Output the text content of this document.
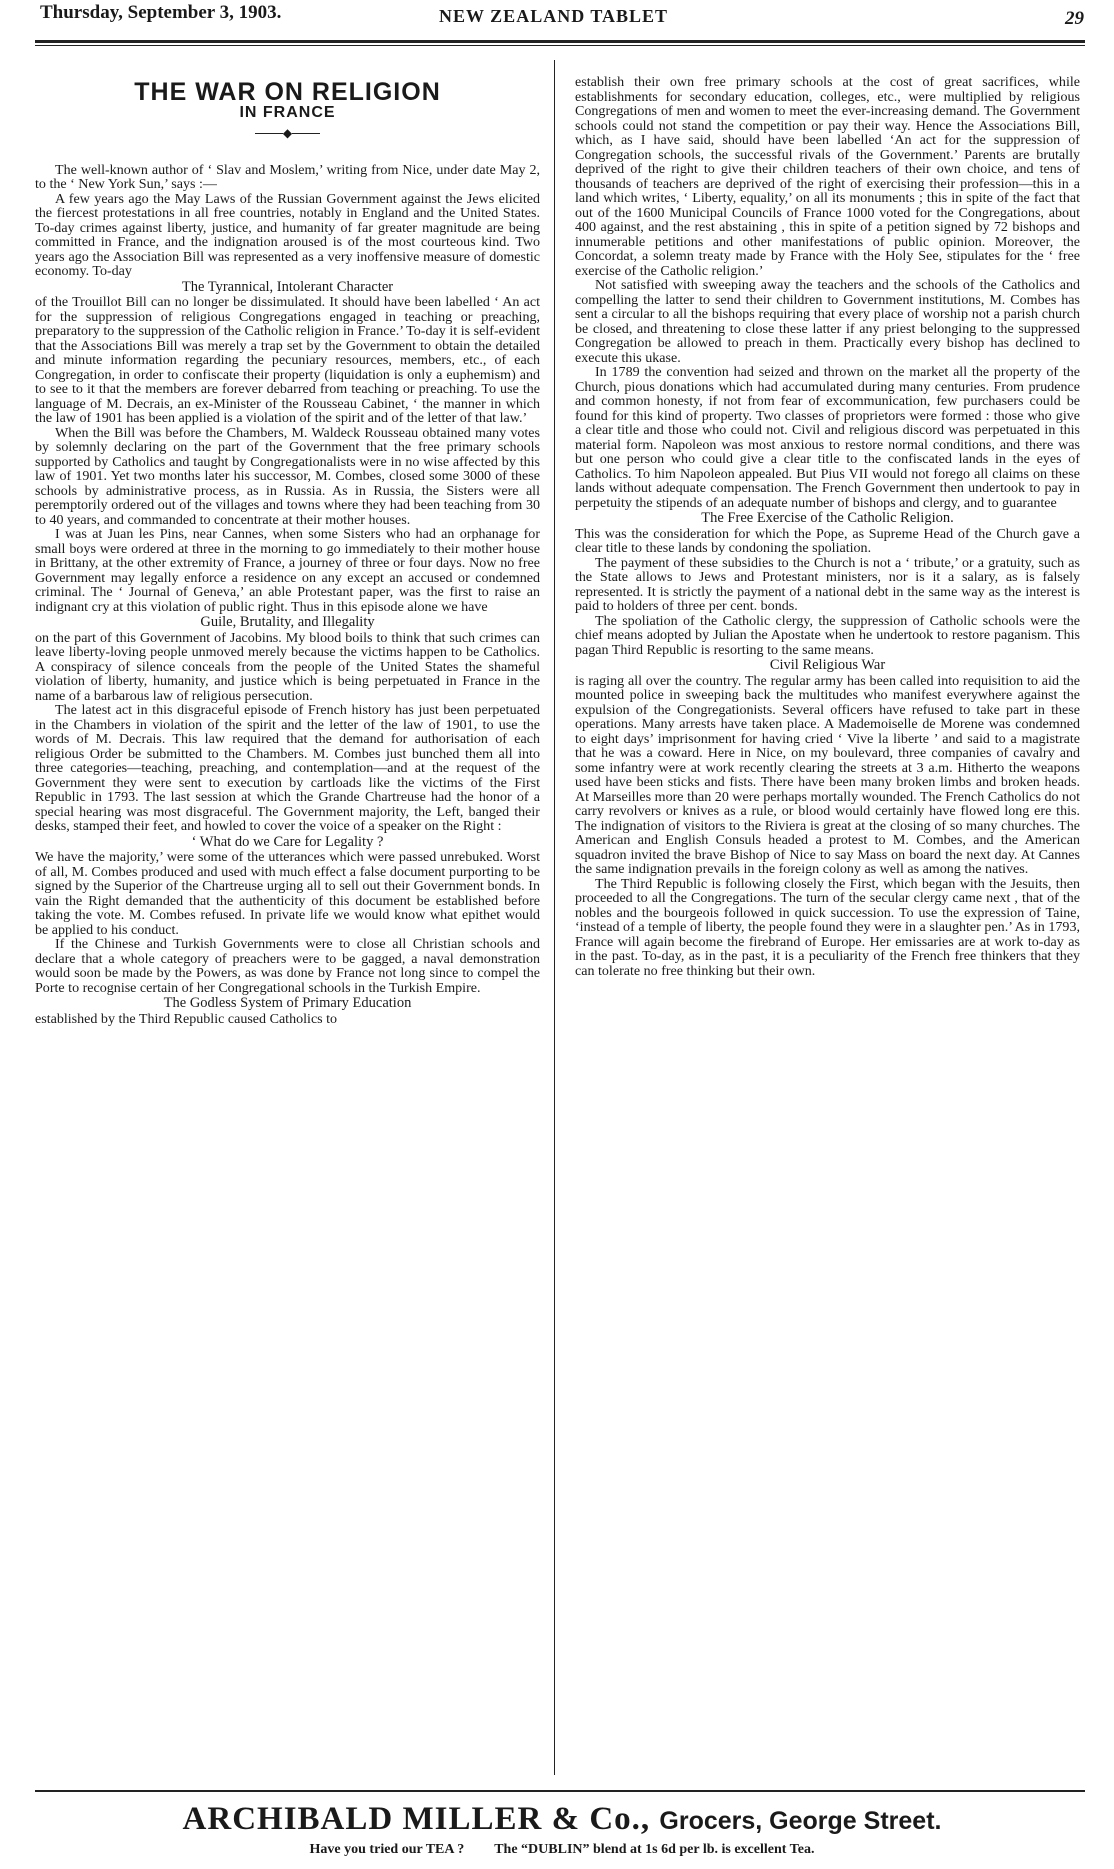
Thursday, September 3, 1903.	NEW ZEALAND TABLET	29
THE WAR ON RELIGION
IN FRANCE
◆

The well-known author of ‘ Slav and Moslem,’ writing from Nice, under date May 2, to the ‘ New York Sun,’ says :—

A few years ago the May Laws of the Russian Government against the Jews elicited the fiercest protestations in all free countries, notably in England and the United States. To-day crimes against liberty, justice, and humanity of far greater magnitude are being committed in France, and the indignation aroused is of the most courteous kind. Two years ago the Association Bill was represented as a very inoffensive measure of domestic economy. To-day

The Tyrannical, Intolerant Character

of the Trouillot Bill can no longer be dissimulated. It should have been labelled ‘ An act for the suppression of religious Congregations engaged in teaching or preaching, preparatory to the suppression of the Catholic religion in France.’ To-day it is self-evident that the Associations Bill was merely a trap set by the Government to obtain the detailed and minute information regarding the pecuniary resources, members, etc., of each Congregation, in order to confiscate their property (liquidation is only a euphemism) and to see to it that the members are forever debarred from teaching or preaching. To use the language of M. Decrais, an ex-Minister of the Rousseau Cabinet, ‘ the manner in which the law of 1901 has been applied is a violation of the spirit and of the letter of that law.’

When the Bill was before the Chambers, M. Waldeck Rousseau obtained many votes by solemnly declaring on the part of the Government that the free primary schools supported by Catholics and taught by Congregationalists were in no wise affected by this law of 1901. Yet two months later his successor, M. Combes, closed some 3000 of these schools by administrative process, as in Russia. As in Russia, the Sisters were all peremptorily ordered out of the villages and towns where they had been teaching from 30 to 40 years, and commanded to concentrate at their mother houses.

I was at Juan les Pins, near Cannes, when some Sisters who had an orphanage for small boys were ordered at three in the morning to go immediately to their mother house in Brittany, at the other extremity of France, a journey of three or four days. Now no free Government may legally enforce a residence on any except an accused or condemned criminal. The ‘ Journal of Geneva,’ an able Protestant paper, was the first to raise an indignant cry at this violation of public right. Thus in this episode alone we have

Guile, Brutality, and Illegality

on the part of this Government of Jacobins. My blood boils to think that such crimes can leave liberty-loving people unmoved merely because the victims happen to be Catholics. A conspiracy of silence conceals from the people of the United States the shameful violation of liberty, humanity, and justice which is being perpetuated in France in the name of a barbarous law of religious persecution.

The latest act in this disgraceful episode of French history has just been perpetuated in the Chambers in violation of the spirit and the letter of the law of 1901, to use the words of M. Decrais. This law required that the demand for authorisation of each religious Order be submitted to the Chambers. M. Combes just bunched them all into three categories—teaching, preaching, and contemplation—and at the request of the Government they were sent to execution by cartloads like the victims of the First Republic in 1793. The last session at which the Grande Chartreuse had the honor of a special hearing was most disgraceful. The Government majority, the Left, banged their desks, stamped their feet, and howled to cover the voice of a speaker on the Right :

‘ What do we Care for Legality ?

We have the majority,’ were some of the utterances which were passed unrebuked. Worst of all, M. Combes produced and used with much effect a false document purporting to be signed by the Superior of the Chartreuse urging all to sell out their Government bonds. In vain the Right demanded that the authenticity of this document be established before taking the vote. M. Combes refused. In private life we would know what epithet would be applied to his conduct.

If the Chinese and Turkish Governments were to close all Christian schools and declare that a whole category of preachers were to be gagged, a naval demonstration would soon be made by the Powers, as was done by France not long since to compel the Porte to recognise certain of her Congregational schools in the Turkish Empire.

The Godless System of Primary Education

established by the Third Republic caused Catholics to

establish their own free primary schools at the cost of great sacrifices, while establishments for secondary education, colleges, etc., were multiplied by religious Congregations of men and women to meet the ever-increasing demand. The Government schools could not stand the competition or pay their way. Hence the Associations Bill, which, as I have said, should have been labelled ‘An act for the suppression of Congregation schools, the successful rivals of the Government.’ Parents are brutally deprived of the right to give their children teachers of their own choice, and tens of thousands of teachers are deprived of the right of exercising their profession—this in a land which writes, ‘ Liberty, equality,’ on all its monuments ; this in spite of the fact that out of the 1600 Municipal Councils of France 1000 voted for the Congregations, about 400 against, and the rest abstaining , this in spite of a petition signed by 72 bishops and innumerable petitions and other manifestations of public opinion. Moreover, the Concordat, a solemn treaty made by France with the Holy See, stipulates for the ‘ free exercise of the Catholic religion.’

Not satisfied with sweeping away the teachers and the schools of the Catholics and compelling the latter to send their children to Government institutions, M. Combes has sent a circular to all the bishops requiring that every place of worship not a parish church be closed, and threatening to close these latter if any priest belonging to the suppressed Congregation be allowed to preach in them. Practically every bishop has declined to execute this ukase.

In 1789 the convention had seized and thrown on the market all the property of the Church, pious donations which had accumulated during many centuries. From prudence and common honesty, if not from fear of excommunication, few purchasers could be found for this kind of property. Two classes of proprietors were formed : those who give a clear title and those who could not. Civil and religious discord was perpetuated in this material form. Napoleon was most anxious to restore normal conditions, and there was but one person who could give a clear title to the confiscated lands in the eyes of Catholics. To him Napoleon appealed. But Pius VII would not forego all claims on these lands without adequate compensation. The French Government then undertook to pay in perpetuity the stipends of an adequate number of bishops and clergy, and to guarantee

The Free Exercise of the Catholic Religion.

This was the consideration for which the Pope, as Supreme Head of the Church gave a clear title to these lands by condoning the spoliation.

The payment of these subsidies to the Church is not a ‘ tribute,’ or a gratuity, such as the State allows to Jews and Protestant ministers, nor is it a salary, as is falsely represented. It is strictly the payment of a national debt in the same way as the interest is paid to holders of three per cent. bonds.

The spoliation of the Catholic clergy, the suppression of Catholic schools were the chief means adopted by Julian the Apostate when he undertook to restore paganism. This pagan Third Republic is resorting to the same means.

Civil Religious War

is raging all over the country. The regular army has been called into requisition to aid the mounted police in sweeping back the multitudes who manifest everywhere against the expulsion of the Congregationists. Several officers have refused to take part in these operations. Many arrests have taken place. A Mademoiselle de Morene was condemned to eight days’ imprisonment for having cried ‘ Vive la liberte ’ and said to a magistrate that he was a coward. Here in Nice, on my boulevard, three companies of cavalry and some infantry were at work recently clearing the streets at 3 a.m. Hitherto the weapons used have been sticks and fists. There have been many broken limbs and broken heads. At Marseilles more than 20 were perhaps mortally wounded. The French Catholics do not carry revolvers or knives as a rule, or blood would certainly have flowed long ere this. The indignation of visitors to the Riviera is great at the closing of so many churches. The American and English Consuls headed a protest to M. Combes, and the American squadron invited the brave Bishop of Nice to say Mass on board the next day. At Cannes the same indignation prevails in the foreign colony as well as among the natives.

The Third Republic is following closely the First, which began with the Jesuits, then proceeded to all the Congregations. The turn of the secular clergy came next , that of the nobles and the bourgeois followed in quick succession. To use the expression of Taine, ‘instead of a temple of liberty, the people found they were in a slaughter pen.’ As in 1793, France will again become the firebrand of Europe. Her emissaries are at work to-day as in the past. To-day, as in the past, it is a peculiarity of the French free thinkers that they can tolerate no free thinking but their own.

ARCHIBALD MILLER & Co., Grocers, George Street.
Have you tried our TEA ? The “DUBLIN” blend at 1s 6d per lb. is excellent Tea.
